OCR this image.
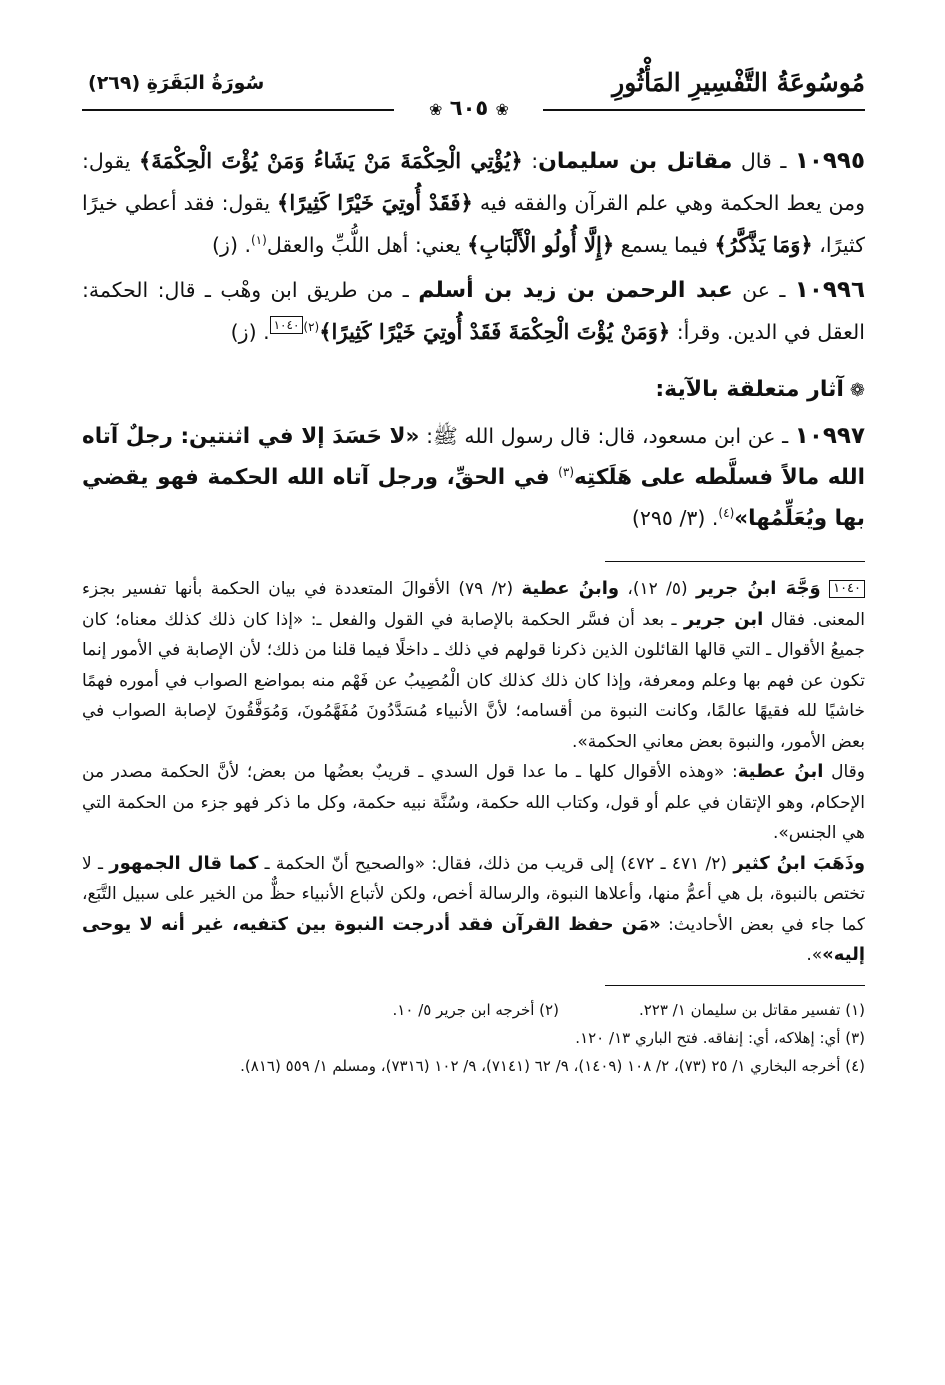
مُوسُوعَةُ التَّفْسِيرِ المَأْثُورِ
سُورَةُ البَقَرَةِ (٢٦٩)
❀ ٦٠٥ ❀

١٠٩٩٥ ـ قال مقاتل بن سليمان: ﴿يُؤْتِي الْحِكْمَةَ مَنْ يَشَاءُ وَمَنْ يُؤْتَ الْحِكْمَةَ﴾ يقول: ومن يعط الحكمة وهي علم القرآن والفقه فيه ﴿فَقَدْ أُوتِيَ خَيْرًا كَثِيرًا﴾ يقول: فقد أعطي خيرًا كثيرًا، ﴿وَمَا يَذَّكَّرُ﴾ فيما يسمع ﴿إِلَّا أُولُو الْأَلْبَابِ﴾ يعني: أهل اللُّبِّ والعقل$^{(١)}$. (ز)

١٠٩٩٦ ـ عن عبد الرحمن بن زيد بن أسلم ـ من طريق ابن وهْب ـ قال: الحكمة: العقل في الدين. وقرأ: ﴿وَمَنْ يُؤْتَ الْحِكْمَةَ فَقَدْ أُوتِيَ خَيْرًا كَثِيرًا﴾$^{(٢)}$١٠٤٠. (ز)

❁آثار متعلقة بالآية:

١٠٩٩٧ ـ عن ابن مسعود، قال: قال رسول الله ﷺ: «لا حَسَدَ إلا في اثنتين: رجلٌ آتاه الله مالاً فسلَّطه على هَلَكتِه$^{(٣)}$ في الحقِّ، ورجل آتاه الله الحكمة فهو يقضي بها ويُعَلِّمُها»$^{(٤)}$. (٣/ ٢٩٥)

١٠٤٠ وَجَّهَ ابنُ جرير (٥/ ١٢)، وابنُ عطية (٢/ ٧٩) الأقوالَ المتعددة في بيان الحكمة بأنها تفسير بجزء المعنى. فقال ابن جرير ـ بعد أن فسَّر الحكمة بالإصابة في القول والفعل ـ: «إذا كان ذلك كذلك معناه؛ كان جميعُ الأقوال ـ التي قالها القائلون الذين ذكرنا قولهم في ذلك ـ داخلًا فيما قلنا من ذلك؛ لأن الإصابة في الأمور إنما تكون عن فهم بها وعلم ومعرفة، وإذا كان ذلك كذلك كان الْمُصِيبُ عن فَهْم منه بمواضع الصواب في أموره فهمًا خاشيًا لله فقيهًا عالمًا، وكانت النبوة من أقسامه؛ لأنَّ الأنبياء مُسَدَّدُونَ مُفَهَّمُونَ، وَمُوَفَّقُونَ لإصابة الصواب في بعض الأمور، والنبوة بعض معاني الحكمة».

وقال ابنُ عطية: «وهذه الأقوال كلها ـ ما عدا قول السدي ـ قريبٌ بعضُها من بعض؛ لأنَّ الحكمة مصدر من الإحكام، وهو الإتقان في علم أو قول، وكتاب الله حكمة، وسُنَّة نبيه حكمة، وكل ما ذكر فهو جزء من الحكمة التي هي الجنس».

وذَهَبَ ابنُ كثير (٢/ ٤٧١ ـ ٤٧٢) إلى قريب من ذلك، فقال: «والصحيح أنّ الحكمة ـ كما قال الجمهور ـ لا تختص بالنبوة، بل هي أعمُّ منها، وأعلاها النبوة، والرسالة أخص، ولكن لأتباع الأنبياء حظٌّ من الخير على سبيل التَّبَع، كما جاء في بعض الأحاديث: «مَن حفظ القرآن فقد أدرجت النبوة بين كتفيه، غير أنه لا يوحى إليه»».

(١) تفسير مقاتل بن سليمان ١/ ٢٢٣.

(٢) أخرجه ابن جرير ٥/ ١٠.

(٣) أي: إهلاكه، أي: إنفاقه. فتح الباري ١٣/ ١٢٠.

(٤) أخرجه البخاري ١/ ٢٥ (٧٣)، ٢/ ١٠٨ (١٤٠٩)، ٩/ ٦٢ (٧١٤١)، ٩/ ١٠٢ (٧٣١٦)، ومسلم ١/ ٥٥٩ (٨١٦).
